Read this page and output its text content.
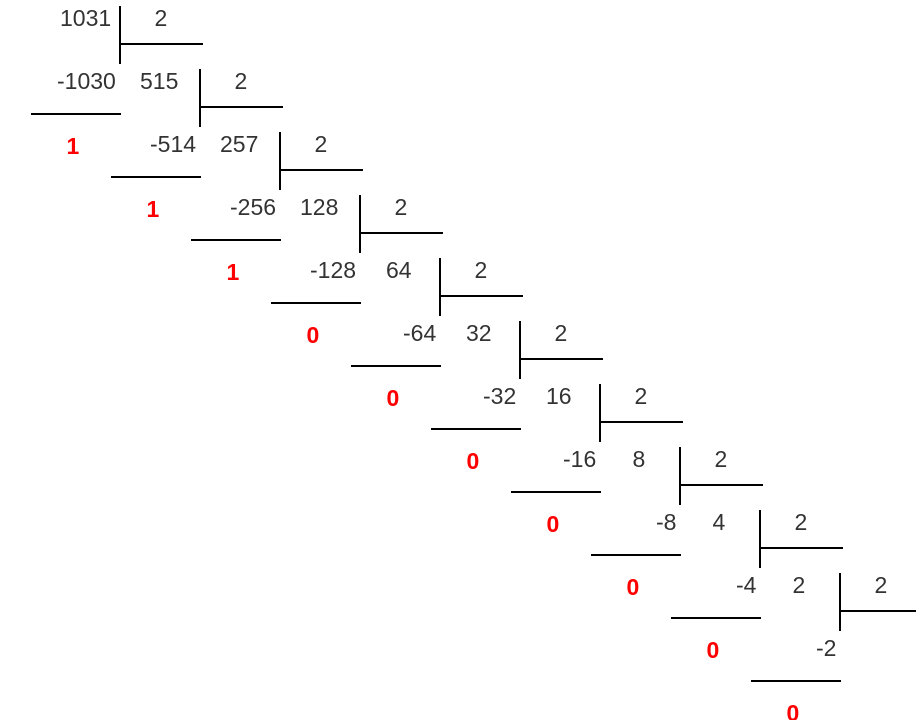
1031 2
-1030
1
515 2
-514
1
257 2
-256
1
128 2
-128
0
64	2
-64
0
32	2
-32
0
16	2
-16
0
8	2
-8
0
4	2
-4
0
2	2
-2
0
